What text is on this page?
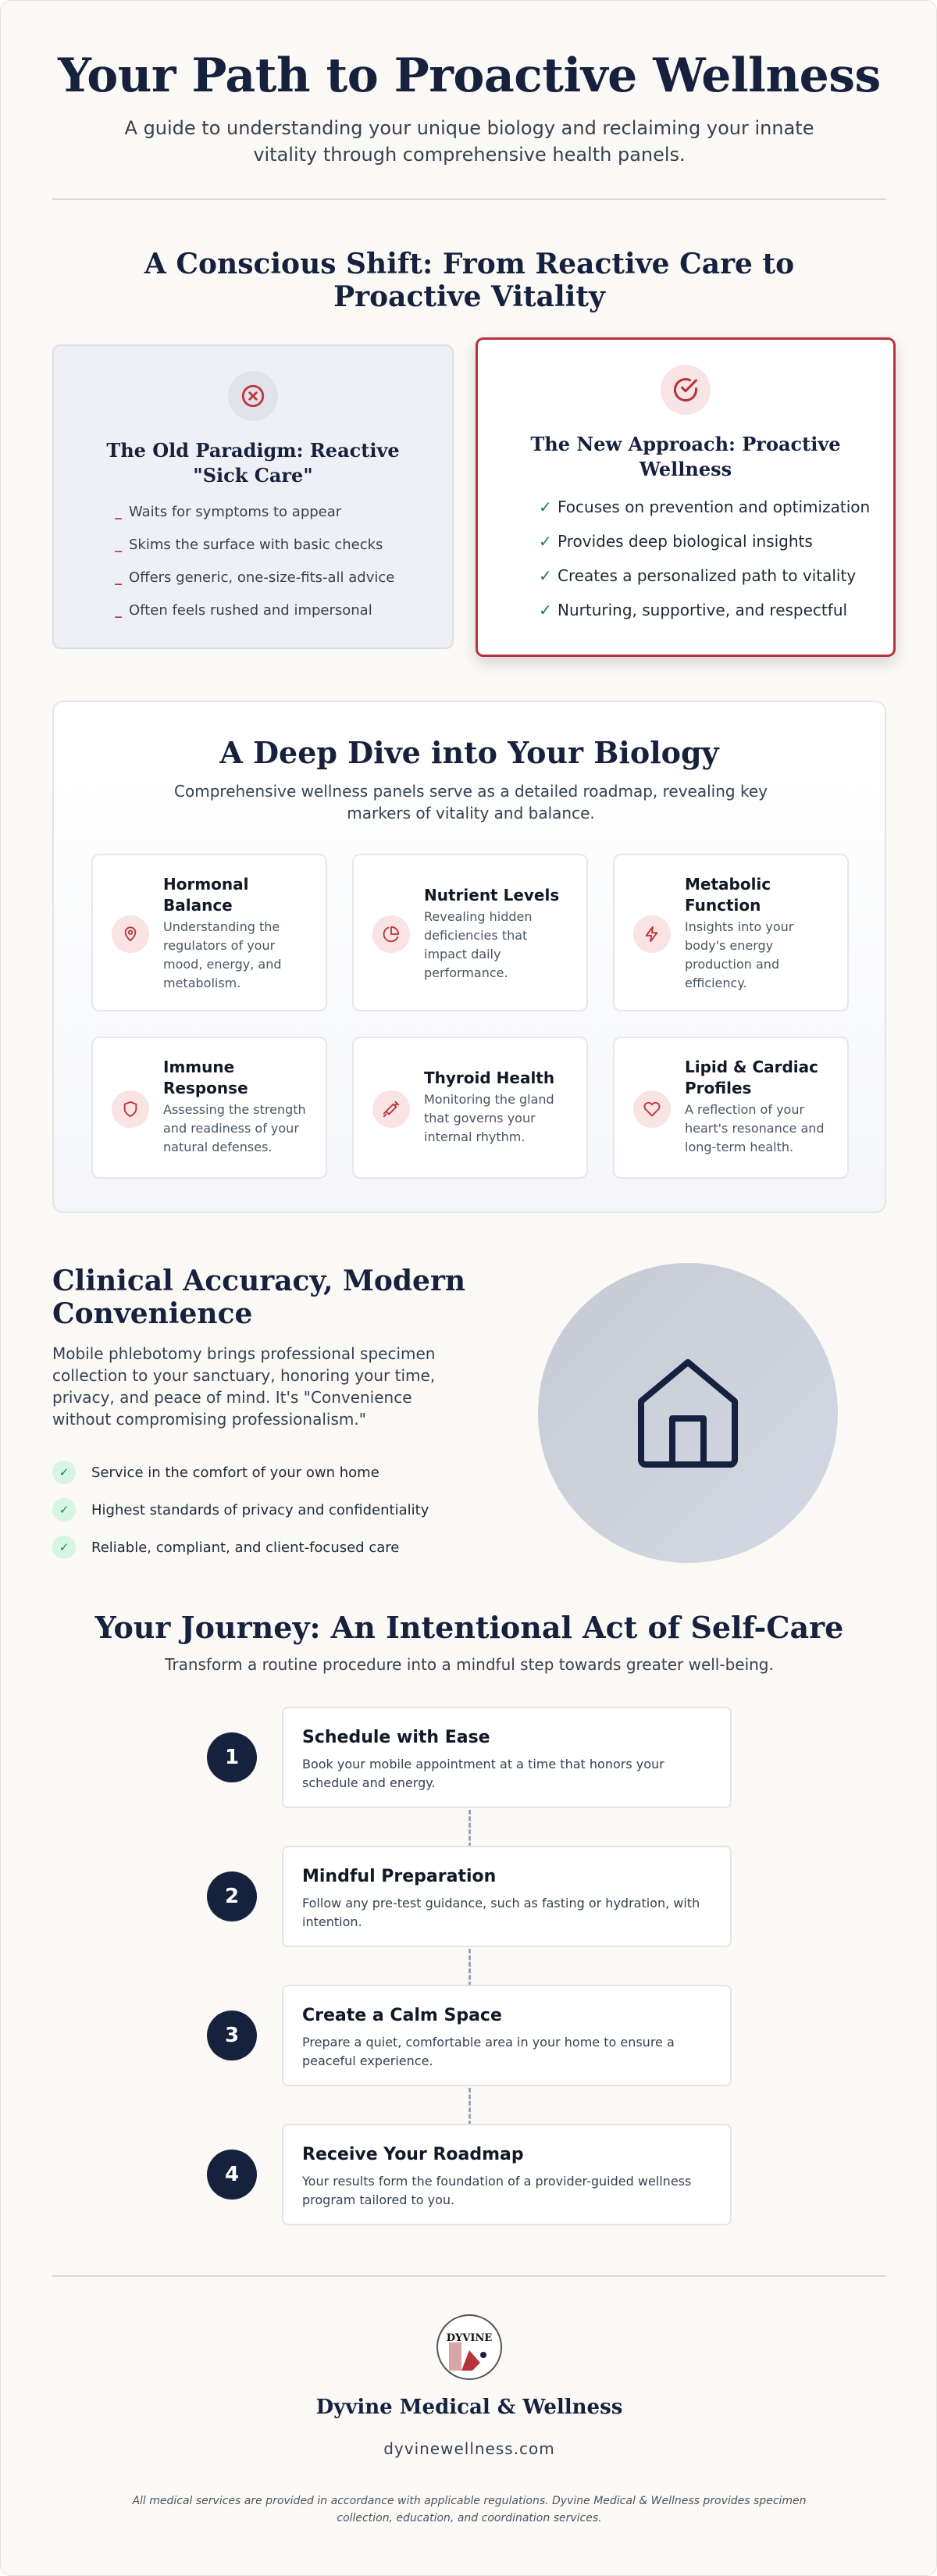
Your Path to Proactive Wellness

A guide to understanding your unique biology and reclaiming your innate vitality through comprehensive health panels.

A Conscious Shift: From Reactive Care to Proactive Vitality
The Old Paradigm: Reactive "Sick Care"
_ Waits for symptoms to appear
_ Skims the surface with basic checks
_ Offers generic, one-size-fits-all advice
_ Often feels rushed and impersonal
The New Approach: Proactive Wellness
✓ Focuses on prevention and optimization
✓ Provides deep biological insights
✓ Creates a personalized path to vitality
✓ Nurturing, supportive, and respectful
A Deep Dive into Your Biology

Comprehensive wellness panels serve as a detailed roadmap, revealing key markers of vitality and balance.

Hormonal Balance
Understanding the regulators of your mood, energy, and metabolism.
Nutrient Levels
Revealing hidden deficiencies that impact daily performance.
Metabolic Function
Insights into your body's energy production and efficiency.
Immune Response
Assessing the strength and readiness of your natural defenses.
Thyroid Health
Monitoring the gland that governs your internal rhythm.
Lipid & Cardiac Profiles
A reflection of your heart's resonance and long-term health.
Clinical Accuracy, Modern Convenience

Mobile phlebotomy brings professional specimen collection to your sanctuary, honoring your time, privacy, and peace of mind. It's "Convenience without compromising professionalism."

✓	Service in the comfort of your own home
✓	Highest standards of privacy and confidentiality
✓	Reliable, compliant, and client-focused care
Your Journey: An Intentional Act of Self-Care

Transform a routine procedure into a mindful step towards greater well-being.

1
Schedule with Ease
Book your mobile appointment at a time that honors your schedule and energy.
2
Mindful Preparation
Follow any pre-test guidance, such as fasting or hydration, with intention.
3
Create a Calm Space
Prepare a quiet, comfortable area in your home to ensure a peaceful experience.
4
Receive Your Roadmap
Your results form the foundation of a provider-guided wellness program tailored to you.
DYVINE
Dyvine Medical & Wellness
dyvinewellness.com

All medical services are provided in accordance with applicable regulations. Dyvine Medical & Wellness provides specimen collection, education, and coordination services.
